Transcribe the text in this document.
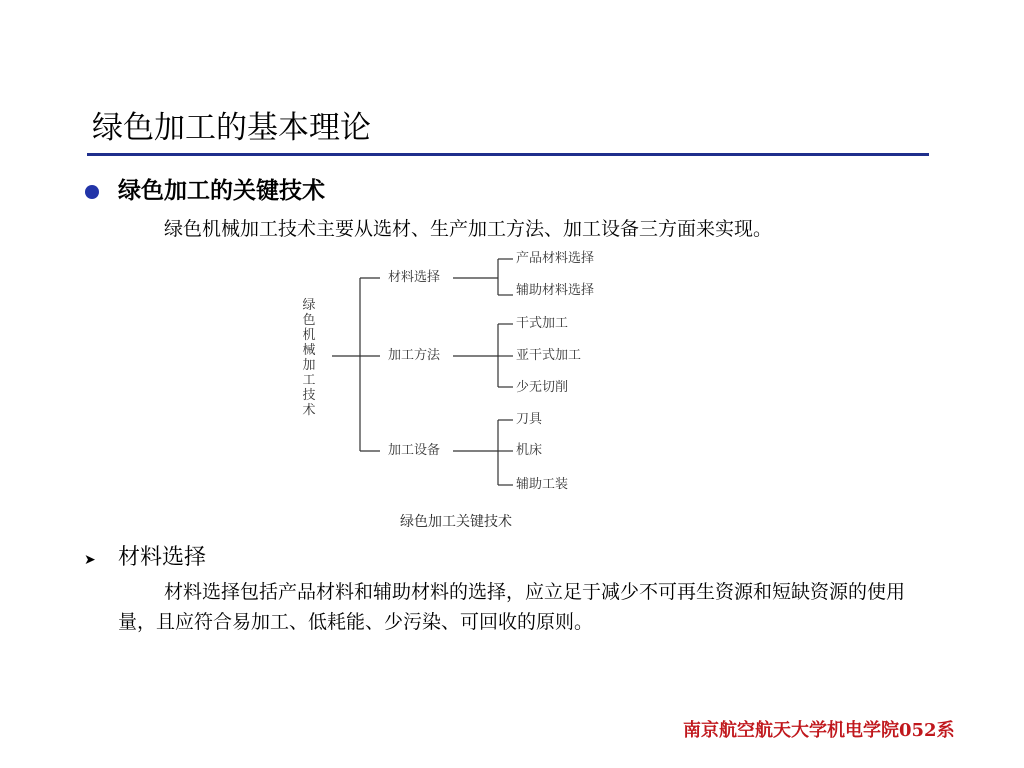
绿色加工的基本理论
绿色加工的关键技术
绿色机械加工技术主要从选材、生产加工方法、加工设备三方面来实现。
绿
色
机
械
加
工
技
术
材料选择
加工方法
加工设备
产品材料选择
辅助材料选择
干式加工
亚干式加工
少无切削
刀具
机床
辅助工装
绿色加工关键技术
➤ 材料选择
材料选择包括产品材料和辅助材料的选择，应立足于减少不可再生资源和短缺资源的使用量，且应符合易加工、低耗能、少污染、可回收的原则。
南京航空航天大学机电学院052系
